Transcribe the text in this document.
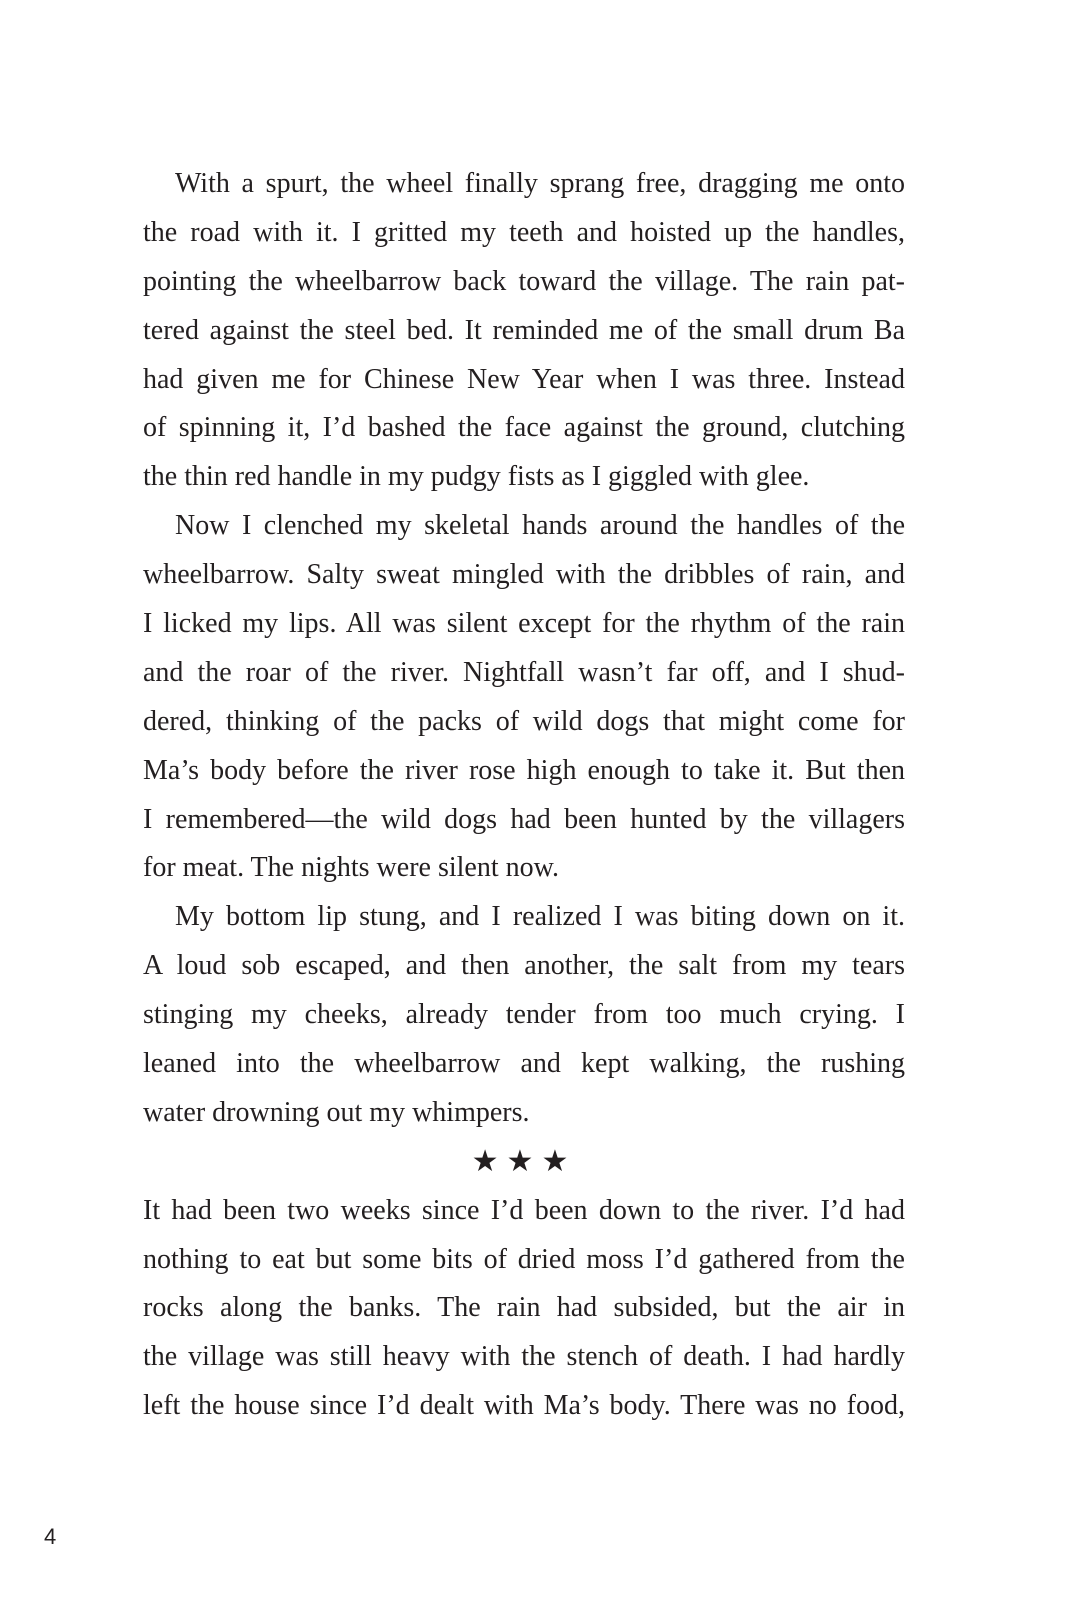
With a spurt, the wheel finally sprang free, dragging me onto
the road with it. I gritted my teeth and hoisted up the handles,
pointing the wheelbarrow back toward the village. The rain pat-
tered against the steel bed. It reminded me of the small drum Ba
had given me for Chinese New Year when I was three. Instead
of spinning it, I’d bashed the face against the ground, clutching
the thin red handle in my pudgy fists as I giggled with glee.
Now I clenched my skeletal hands around the handles of the
wheelbarrow. Salty sweat mingled with the dribbles of rain, and
I licked my lips. All was silent except for the rhythm of the rain
and the roar of the river. Nightfall wasn’t far off, and I shud-
dered, thinking of the packs of wild dogs that might come for
Ma’s body before the river rose high enough to take it. But then
I remembered—the wild dogs had been hunted by the villagers
for meat. The nights were silent now.
My bottom lip stung, and I realized I was biting down on it.
A loud sob escaped, and then another, the salt from my tears
stinging my cheeks, already tender from too much crying. I
leaned into the wheelbarrow and kept walking, the rushing
water drowning out my whimpers.
★★★
It had been two weeks since I’d been down to the river. I’d had
nothing to eat but some bits of dried moss I’d gathered from the
rocks along the banks. The rain had subsided, but the air in
the village was still heavy with the stench of death. I had hardly
left the house since I’d dealt with Ma’s body. There was no food,
4
